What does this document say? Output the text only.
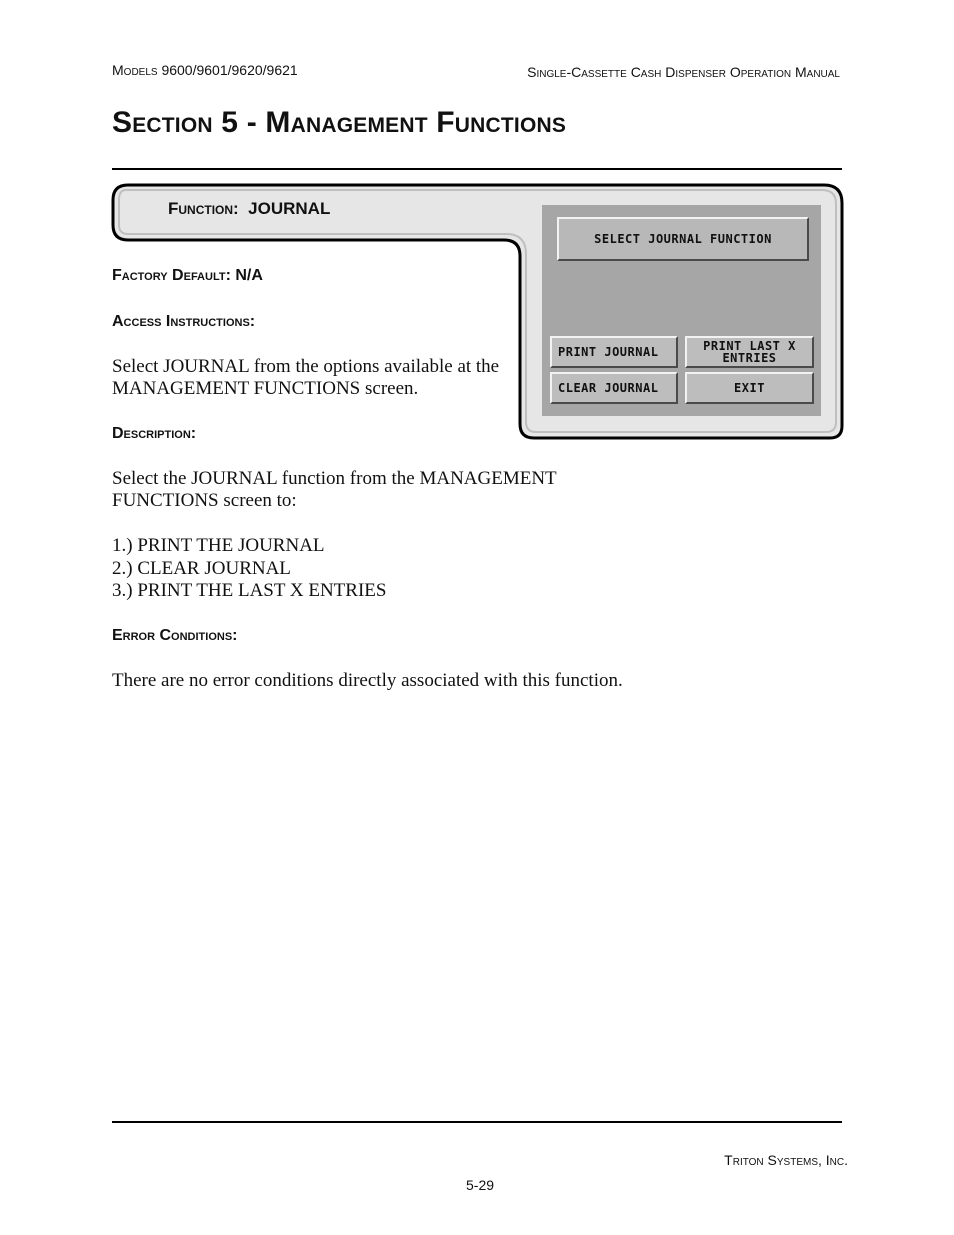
Models 9600/9601/9620/9621	Single-Cassette Cash Dispenser Operation Manual
Section 5 - Management Functions
Function: JOURNAL
SELECT JOURNAL FUNCTION
PRINT JOURNAL	PRINT LAST X
ENTRIES
CLEAR JOURNAL	EXIT
Factory Default: N/A
Access Instructions:

Select JOURNAL from the options available at the MANAGEMENT FUNCTIONS screen.

Description:

Select the JOURNAL function from the MANAGEMENT FUNCTIONS screen to:

1.) PRINT THE JOURNAL
2.) CLEAR JOURNAL
3.) PRINT THE LAST X ENTRIES
Error Conditions:

There are no error conditions directly associated with this function.

Triton Systems, Inc.
5-29
